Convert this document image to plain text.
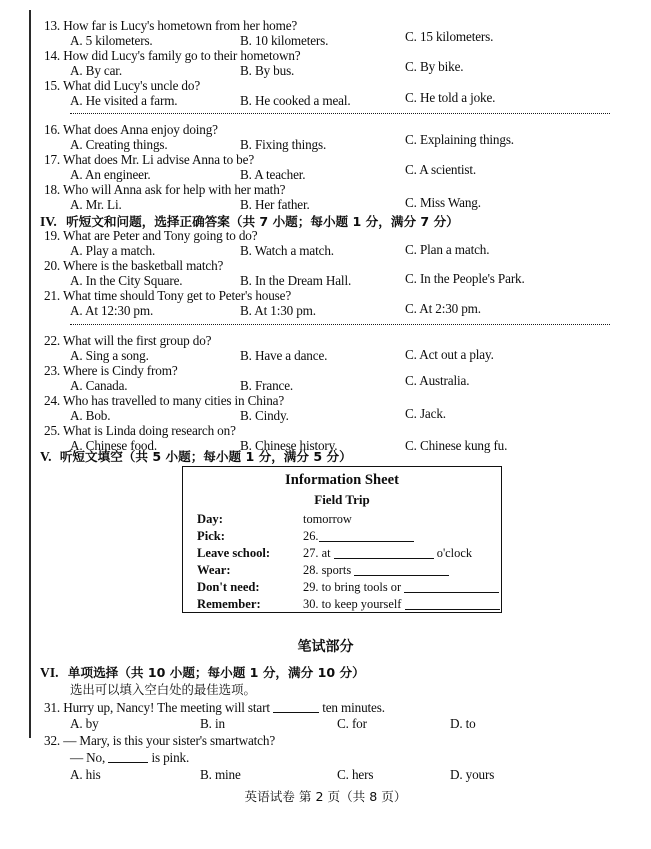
13. How far is Lucy's hometown from her home?
A. 5 kilometers.	B. 10 kilometers.	C. 15 kilometers.
14. How did Lucy's family go to their hometown?
A. By car.	B. By bus.	C. By bike.
15. What did Lucy's uncle do?
A. He visited a farm.	B. He cooked a meal.	C. He told a joke.
16. What does Anna enjoy doing?
A. Creating things.	B. Fixing things.	C. Explaining things.
17. What does Mr. Li advise Anna to be?
A. An engineer.	B. A teacher.	C. A scientist.
18. Who will Anna ask for help with her math?
A. Mr. Li.	B. Her father.	C. Miss Wang.
IV. 听短文和问题，选择正确答案（共 7 小题；每小题 1 分，满分 7 分）
19. What are Peter and Tony going to do?
A. Play a match.	B. Watch a match.	C. Plan a match.
20. Where is the basketball match?
A. In the City Square.	B. In the Dream Hall.	C. In the People's Park.
21. What time should Tony get to Peter's house?
A. At 12:30 pm.	B. At 1:30 pm.	C. At 2:30 pm.
22. What will the first group do?
A. Sing a song.	B. Have a dance.	C. Act out a play.
23. Where is Cindy from?
A. Canada.	B. France.	C. Australia.
24. Who has travelled to many cities in China?
A. Bob.	B. Cindy.	C. Jack.
25. What is Linda doing research on?
A. Chinese food.	B. Chinese history.	C. Chinese kung fu.
V. 听短文填空（共 5 小题；每小题 1 分，满分 5 分）
Information Sheet
Field Trip
Day:	tomorrow
Pick:	26.
Leave school:	27. at	o'clock
Wear:	28. sports
Don't need:	29. to bring tools or
Remember:	30. to keep yourself
笔试部分
VI. 单项选择（共 10 小题；每小题 1 分，满分 10 分）
选出可以填入空白处的最佳选项。
31. Hurry up, Nancy! The meeting will start	ten minutes.
A. by	B. in	C. for	D. to
32. — Mary, is this your sister's smartwatch?
— No,	is pink.
A. his	B. mine	C. hers	D. yours
英语试卷 第 2 页（共 8 页）
